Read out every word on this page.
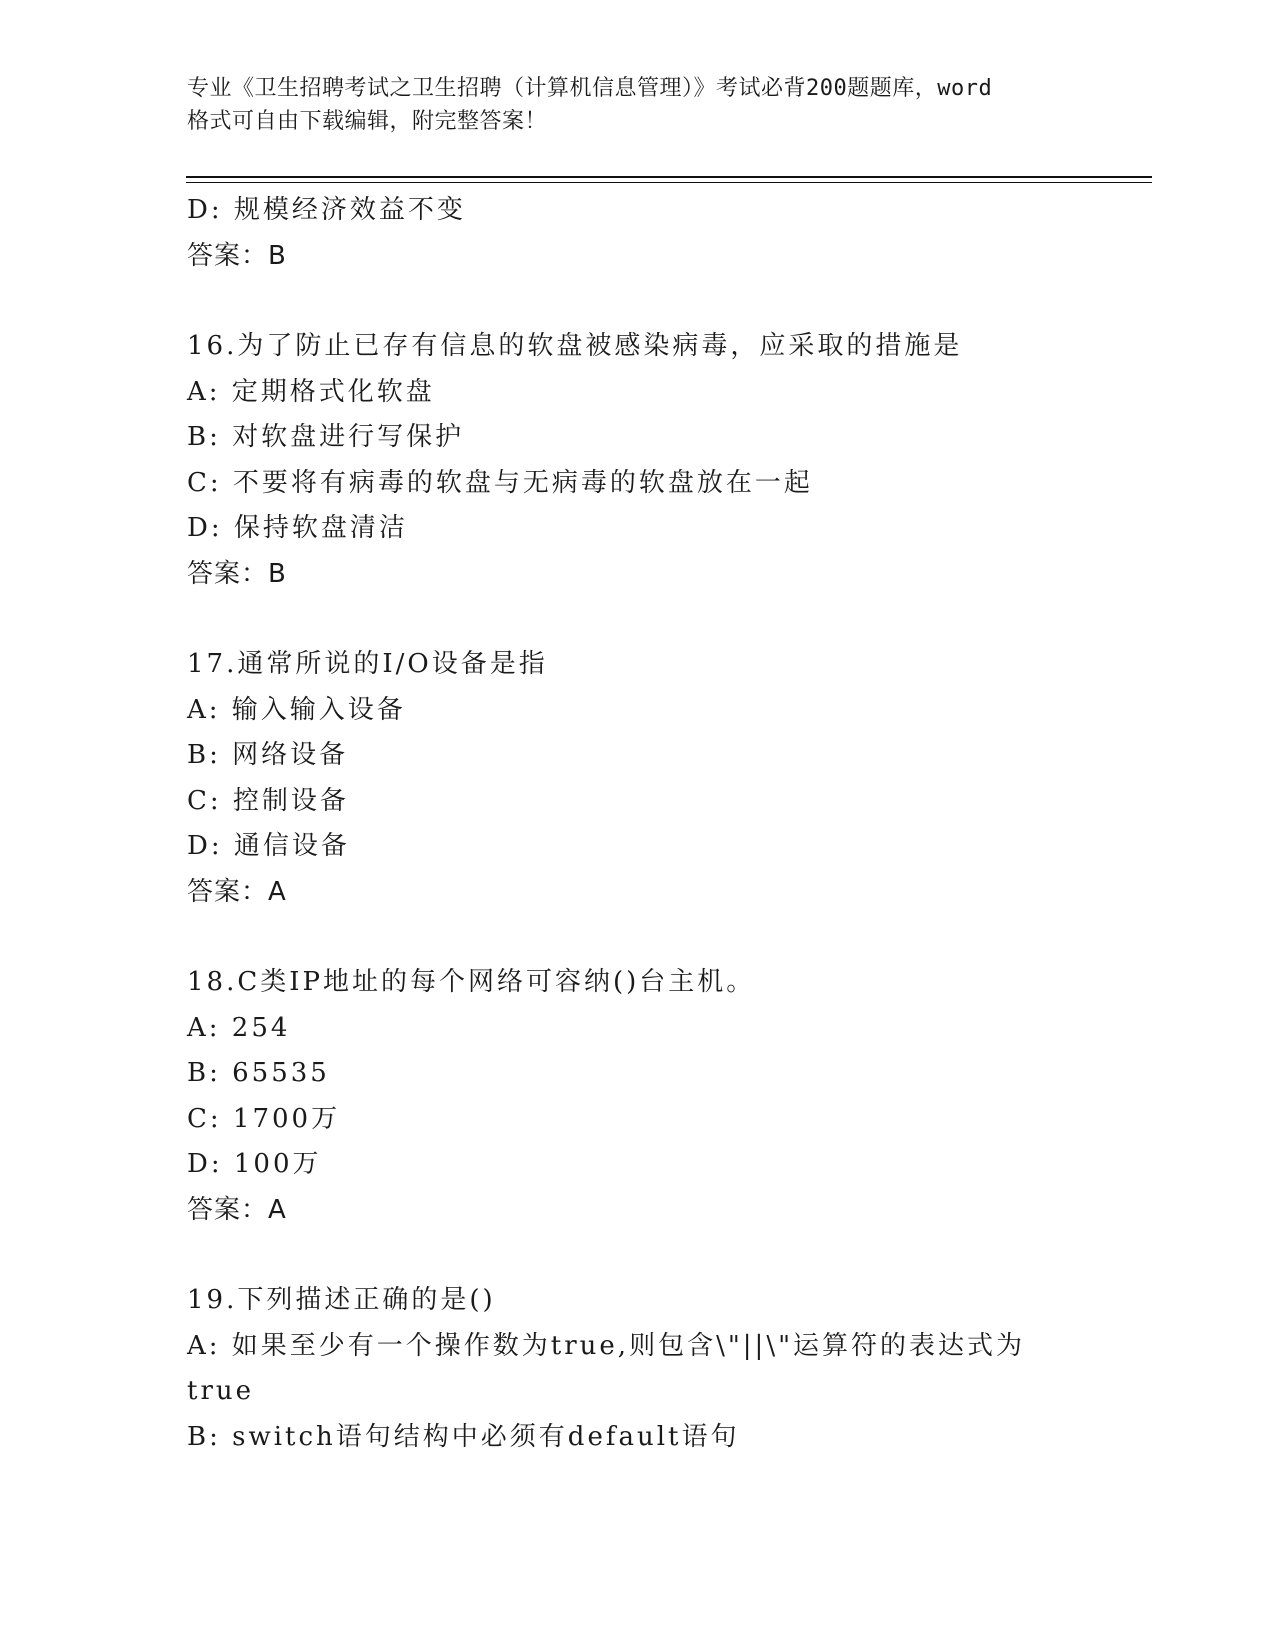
专业《卫生招聘考试之卫生招聘（计算机信息管理）》考试必背200题题库，word
格式可自由下载编辑，附完整答案！
D: 规模经济效益不变
答案：B
16.为了防止已存有信息的软盘被感染病毒，应采取的措施是
A: 定期格式化软盘
B: 对软盘进行写保护
C: 不要将有病毒的软盘与无病毒的软盘放在一起
D: 保持软盘清洁
答案：B
17.通常所说的I/O设备是指
A: 输入输入设备
B: 网络设备
C: 控制设备
D: 通信设备
答案：A
18.C类IP地址的每个网络可容纳()台主机。
A: 254
B: 65535
C: 1700万
D: 100万
答案：A
19.下列描述正确的是()
A: 如果至少有一个操作数为true,则包含\"||\"运算符的表达式为
true
B: switch语句结构中必须有default语句
